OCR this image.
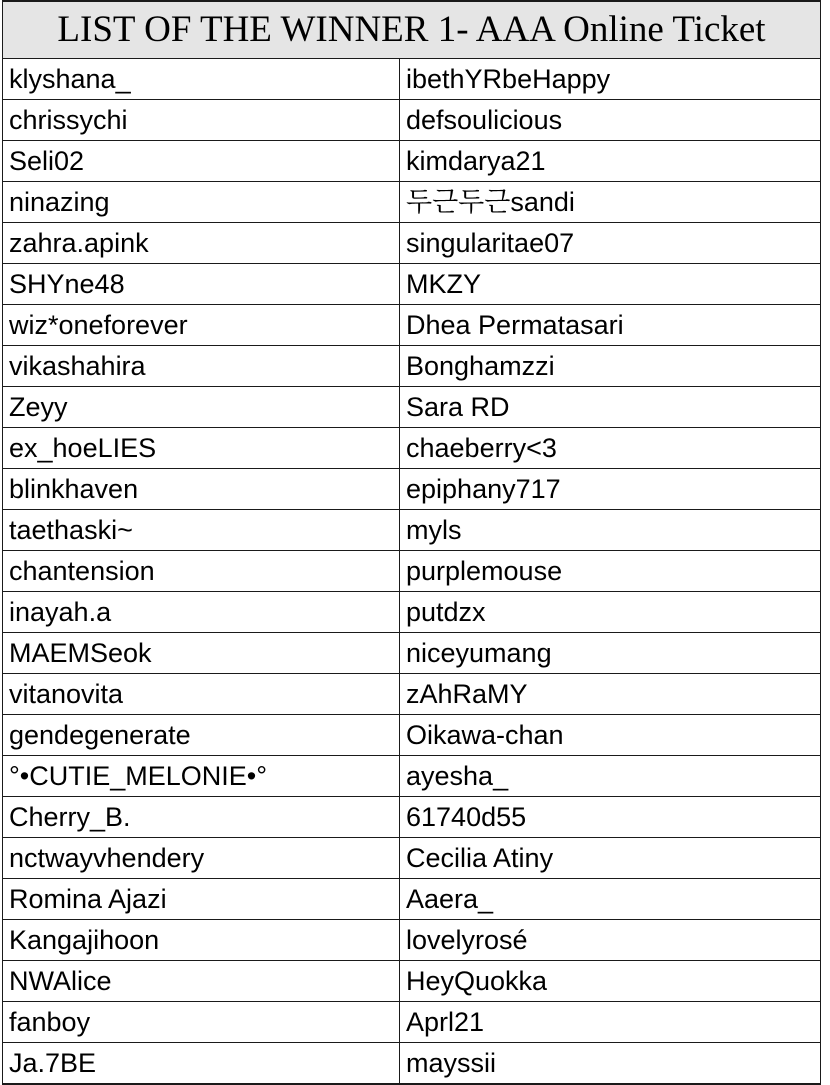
LIST OF THE WINNER 1- AAA Online Ticket	
klyshana_	ibethYRbeHappy
chrissychi	defsoulicious
Seli02	kimdarya21
ninazing	두근두근sandi
zahra.apink	singularitae07
SHYne48	MKZY
wiz*oneforever	Dhea Permatasari
vikashahira	Bonghamzzi
Zeyy	Sara RD
ex_hoeLIES	chaeberry<3
blinkhaven	epiphany717
taethaski~	myls
chantension	purplemouse
inayah.a	putdzx
MAEMSeok	niceyumang
vitanovita	zAhRaMY
gendegenerate	Oikawa-chan
°•CUTIE_MELONIE•°	ayesha_
Cherry_B.	61740d55
nctwayvhendery	Cecilia Atiny
Romina Ajazi	Aaera_
Kangajihoon	lovelyrosé
NWAlice	HeyQuokka
fanboy	Aprl21
Ja.7BE	mayssii
